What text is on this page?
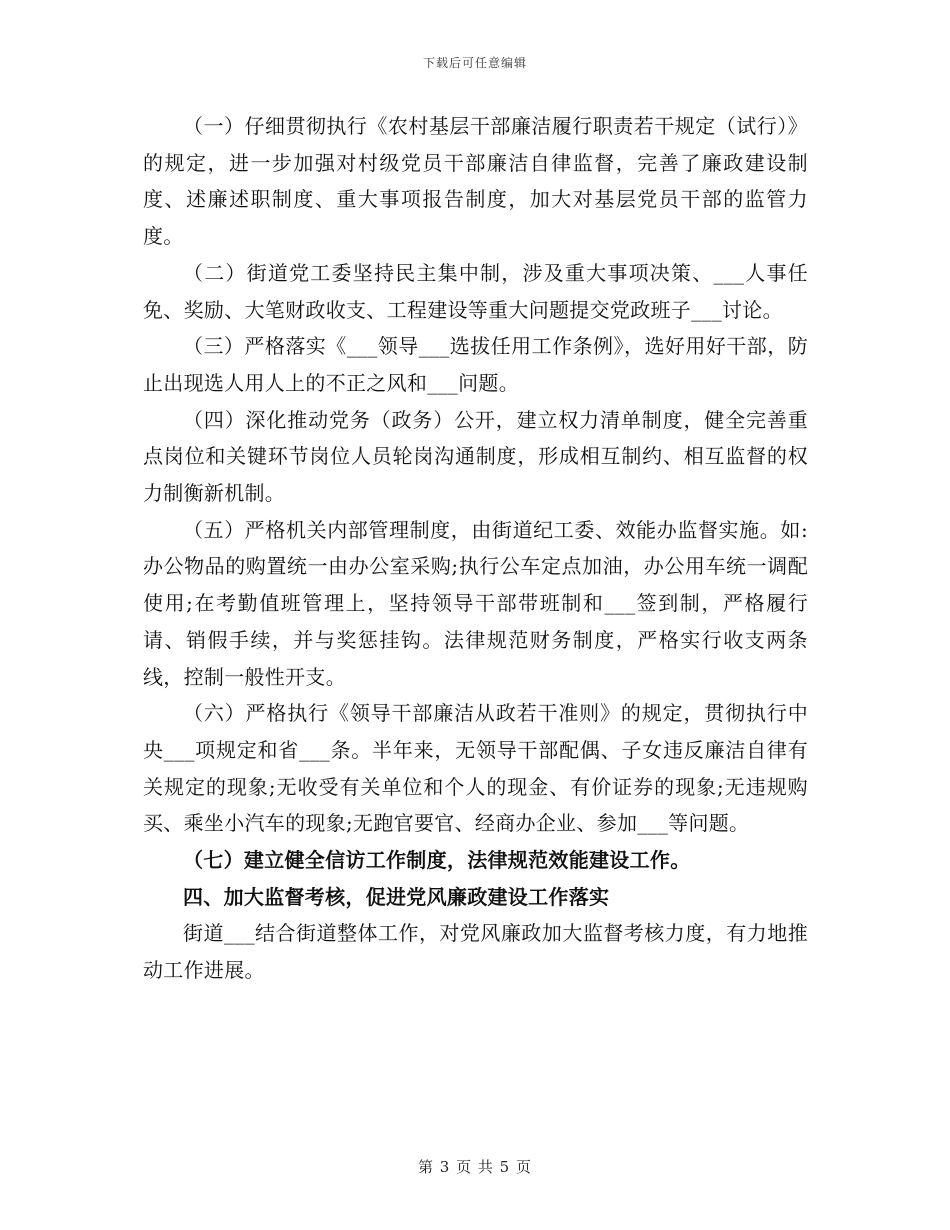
下载后可任意编辑

（一）仔细贯彻执行《农村基层干部廉洁履行职责若干规定（试行）》的规定，进一步加强对村级党员干部廉洁自律监督，完善了廉政建设制度、述廉述职制度、重大事项报告制度，加大对基层党员干部的监管力度。

（二）街道党工委坚持民主集中制，涉及重大事项决策、___人事任免、奖励、大笔财政收支、工程建设等重大问题提交党政班子___讨论。

（三）严格落实《___领导___选拔任用工作条例》，选好用好干部，防止出现选人用人上的不正之风和___问题。

（四）深化推动党务（政务）公开，建立权力清单制度，健全完善重点岗位和关键环节岗位人员轮岗沟通制度，形成相互制约、相互监督的权力制衡新机制。

（五）严格机关内部管理制度，由街道纪工委、效能办监督实施。如:办公物品的购置统一由办公室采购;执行公车定点加油，办公用车统一调配使用;在考勤值班管理上，坚持领导干部带班制和___签到制，严格履行请、销假手续，并与奖惩挂钩。法律规范财务制度，严格实行收支两条线，控制一般性开支。

（六）严格执行《领导干部廉洁从政若干准则》的规定，贯彻执行中央___项规定和省___条。半年来，无领导干部配偶、子女违反廉洁自律有关规定的现象;无收受有关单位和个人的现金、有价证券的现象;无违规购买、乘坐小汽车的现象;无跑官要官、经商办企业、参加___等问题。

（七）建立健全信访工作制度，法律规范效能建设工作。

四、加大监督考核，促进党风廉政建设工作落实

街道___结合街道整体工作，对党风廉政加大监督考核力度，有力地推动工作进展。

第 3 页 共 5 页
